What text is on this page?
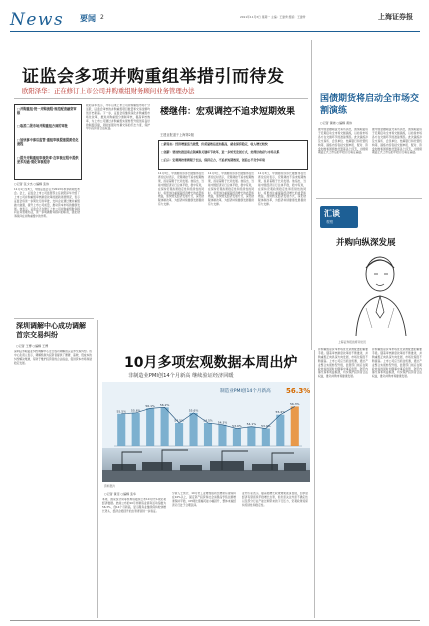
News 要闻 2	2011年11月3日 星期一 主编：王建秀 组版：王建秀	上海证券报
证监会多项并购重组举措引而待发
欧阳泽华：正在修订上市公司并购重组财务顾问业务管理办法
□并购重组·统一并购流程·规范配套融资审核
□取消二级市场并购重组方面的审批
□加快事中事后监管·重组审核提速提质优化流程
□提升并购重组审核效率·在审核过程中提供更多沟通·简化审核程序
○记者 张少杰 ○编辑 张伟
11月1日至3日，中国证监会召开2013年秋季新闻发布会。会上，证监会上市公司监管部主任欧阳泽华介绍了上市公司并购重组审核制度改革的最新进展情况，表示证监会将进一步简化行政审批，支持企业通过兼并重组做大做强，提升上市公司质量，推动资本市场的健康发展。他表示，证监会正在修订上市公司并购重组财务顾问业务管理办法，进一步明确财务顾问的职责，强化财务顾问在并购重组中的作用。
欧阳泽华表示，今年以来上市公司并购重组市场十分活跃，证监会审核的并购重组项目数量和交易金额均创历史新高。下一步，证监会将继续深化并购重组市场化改革，推进并购重组分道制审核，提高审核效率，为上市公司通过并购重组实现转型升级创造良好的制度环境，同时加强对内幕交易的打击力度，保护中小投资者合法权益。
楼继伟：宏观调控不追求短期效果
王建业报道于上海第2版
□新常态：经济增速适当放缓，但质量效益更加提高，就业保持稳定，收入增长较快
□创新：要加快推进重点领域和关键环节改革，进一步转变发展方式，处理好政府与市场关系
□启示：宏观调控要着眼于长远，保持定力，不追求短期效果，创造公平竞争环境
11月3日，中国财政部部长楼继伟在出席论坛时表示，宏观调控不追求短期效果，而是着眼于长远发展。他指出，当前中国经济运行总体平稳，稳中有进，在保持宏观政策稳定性和连续性的同时，将更加注重提高经济增长的质量和效益，加快转变经济发展方式，深化财税体制改革，为经济持续健康发展提供有力支撑。
11月3日，中国财政部部长楼继伟在出席论坛时表示，宏观调控不追求短期效果，而是着眼于长远发展。他指出，当前中国经济运行总体平稳，稳中有进，在保持宏观政策稳定性和连续性的同时，将更加注重提高经济增长的质量和效益，加快转变经济发展方式，深化财税体制改革，为经济持续健康发展提供有力支撑。
11月3日，中国财政部部长楼继伟在出席论坛时表示，宏观调控不追求短期效果，而是着眼于长远发展。他指出，当前中国经济运行总体平稳，稳中有进，在保持宏观政策稳定性和连续性的同时，将更加注重提高经济增长的质量和效益，加快转变经济发展方式，深化财税体制改革，为经济持续健康发展提供有力支撑。
国债期货将启动全市场交割演练
○记者 黄晓 ○编辑 黄伟
据中国金融期货交易所消息，国债期货将于近期启动全市场交割演练，以检验市场各方在交割环节的准备情况。此次演练涉及交易所、会员单位、结算银行和托管机构等，演练内容包括交割申报、配对、资金划转和国债转托管等各个环节，为国债期货正式上市后的平稳运行奠定基础。
据中国金融期货交易所消息，国债期货将于近期启动全市场交割演练，以检验市场各方在交割环节的准备情况。此次演练涉及交易所、会员单位、结算银行和托管机构等，演练内容包括交割申报、配对、资金划转和国债转托管等各个环节，为国债期货正式上市后的平稳运行奠定基础。
汇谈
观察
并购向纵深发展
上海证券报首席评论员
并购重组是资本市场优化资源配置的重要手段。随着审核制度改革的不断推进，并购重组正向纵深方向发展，市场化程度不断提高。上市公司应当抓住机遇，通过产业整合实现转型升级，监管部门则应在简政放权的同时加强事中事后监管，防范内幕交易和利益输送，切实保护投资者合法权益，推动并购市场健康发展。
并购重组是资本市场优化资源配置的重要手段。随着审核制度改革的不断推进，并购重组正向纵深方向发展，市场化程度不断提高。上市公司应当抓住机遇，通过产业整合实现转型升级，监管部门则应在简政放权的同时加强事中事后监管，防范内幕交易和利益输送，切实保护投资者合法权益，推动并购市场健康发展。
深圳调解中心成功调解首宗交易纠纷
○记者 王博 ○编辑 王博
深圳证券期货业纠纷调解中心近日成功调解首宗证券交易纠纷。该中心负责人表示，调解机制为投资者提供了便捷、高效、低成本的纠纷解决渠道，有助于维护投资者的合法权益，促进资本市场和谐稳定发展。	10月多项宏观数据本周出炉
非制造业PMI创14个月新高 继续验证经济回暖
制造业PMI创14个月新高 56.3%
55.5% 55.6%
56.1% 56.2%
54.5%
55.6%
54.5% 54.3%
53.9% 54.1% 53.9%
55.4%
56.3%
资料图片
○记者 黄章 ○编辑 张华
本周，国家统计局等机构将陆续公布10月份多项宏观经济数据。此前公布的10月非制造业商务活动指数为56.3%，创14个月新高，显示服务业继续保持较快增长势头，经济企稳回升的态势得到进一步验证。
分析人士预计，10月份工业增加值同比增速有望保持在10%以上，固定资产投资和社会消费品零售总额增速保持平稳，CPI同比涨幅可能小幅回升，整体来看经济运行处于合理区间。
业内专家表示，随着稳增长政策效果逐步显现，四季度经济有望延续平稳增长态势，但仍需关注外需不确定性以及部分行业产能过剩带来的下行压力，宏观政策将保持连续性和稳定性。
